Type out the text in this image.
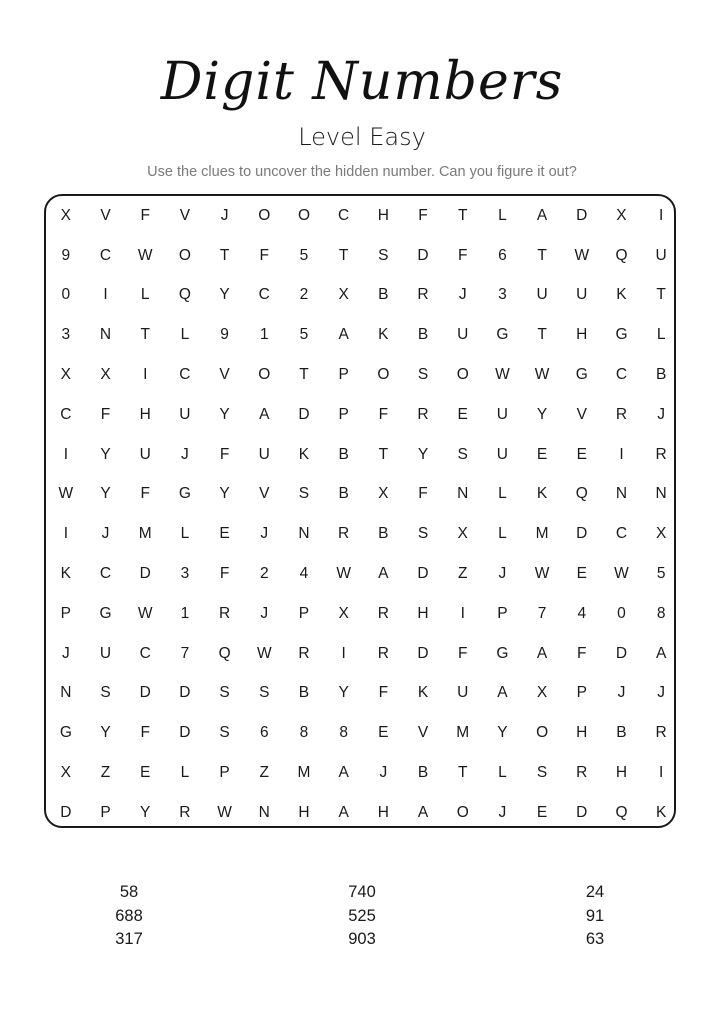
Digit Numbers
Level Easy
Use the clues to uncover the hidden number. Can you figure it out?
X	V	F	V	J	O	O	C	H	F	T	L	A	D	X	I
9	C	W	O	T	F	5	T	S	D	F	6	T	W	Q	U
0	I	L	Q	Y	C	2	X	B	R	J	3	U	U	K	T
3	N	T	L	9	1	5	A	K	B	U	G	T	H	G	L
X	X	I	C	V	O	T	P	O	S	O	W	W	G	C	B
C	F	H	U	Y	A	D	P	F	R	E	U	Y	V	R	J
I	Y	U	J	F	U	K	B	T	Y	S	U	E	E	I	R
W	Y	F	G	Y	V	S	B	X	F	N	L	K	Q	N	N
I	J	M	L	E	J	N	R	B	S	X	L	M	D	C	X
K	C	D	3	F	2	4	W	A	D	Z	J	W	E	W	5
P	G	W	1	R	J	P	X	R	H	I	P	7	4	0	8
J	U	C	7	Q	W	R	I	R	D	F	G	A	F	D	A
N	S	D	D	S	S	B	Y	F	K	U	A	X	P	J	J
G	Y	F	D	S	6	8	8	E	V	M	Y	O	H	B	R
X	Z	E	L	P	Z	M	A	J	B	T	L	S	R	H	I
D	P	Y	R	W	N	H	A	H	A	O	J	E	D	Q	K
58
688
317
740
525
903
24
91
63
